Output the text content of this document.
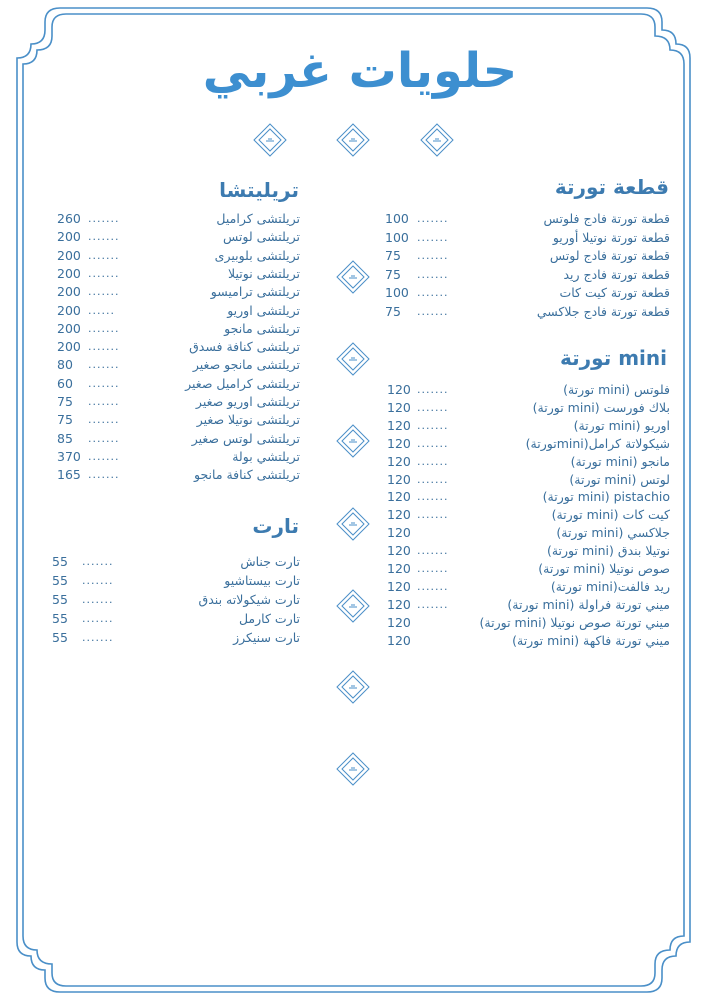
حلويات غربي
قطعة تورتة
mini تورتة
تريليتشا
تارت
100 .......	قطعة تورتة فادج فلوتس
100 .......	قطعة تورتة نوتيلا أوريو
75 .......	قطعة تورتة فادج لوتس
75 .......	قطعة تورتة فادج ريد
100 .......	قطعة تورتة كيت كات
75 .......	قطعة تورتة فادج جلاكسي
120 .......	فلوتس (mini تورتة)
120 .......	بلاك فورست (mini تورتة)
120 .......	اوريو (mini تورتة)
120 .......	شيكولاتة كرامل(miniتورتة)
120 .......	مانجو (mini تورتة)
120 .......	لوتس (mini تورتة)
120 .......	pistachio (mini تورتة)
120 .......	كيت كات (mini تورتة)
120	جلاكسي (mini تورتة)
120 .......	نوتيلا بندق (mini تورتة)
120 .......	صوص نوتيلا (mini تورتة)
120 .......	ريد فالفت(mini تورتة)
120 .......	ميني تورتة فراولة (mini تورتة)
120	ميني تورتة صوص نوتيلا (mini تورتة)
120	ميني تورتة فاكهة (mini تورتة)
260 .......	تريلتشى كراميل
200 .......	تريلتشى لوتس
200 .......	تريلتشى بلوبيرى
200 .......	تريلتشى نوتيلا
200 .......	تريلتشى تراميسو
200 ......	تريلتشى اوريو
200 .......	تريلتشى مانجو
200 .......	تريلتشى كنافة فسدق
80 .......	تريلتشى مانجو صغير
60 .......	تريلتشى كراميل صغير
75 .......	تريلتشى اوريو صغير
75 .......	تريلتشى نوتيلا صغير
85 .......	تريلتشى لوتس صغير
370 .......	تريلتشي بولة
165 .......	تريلتشى كنافة مانجو
55 .......	تارت جناش
55 .......	تارت بيستاشيو
55 .......	تارت شيكولاته بندق
55 .......	تارت كارمل
55 .......	تارت سنيكرز
